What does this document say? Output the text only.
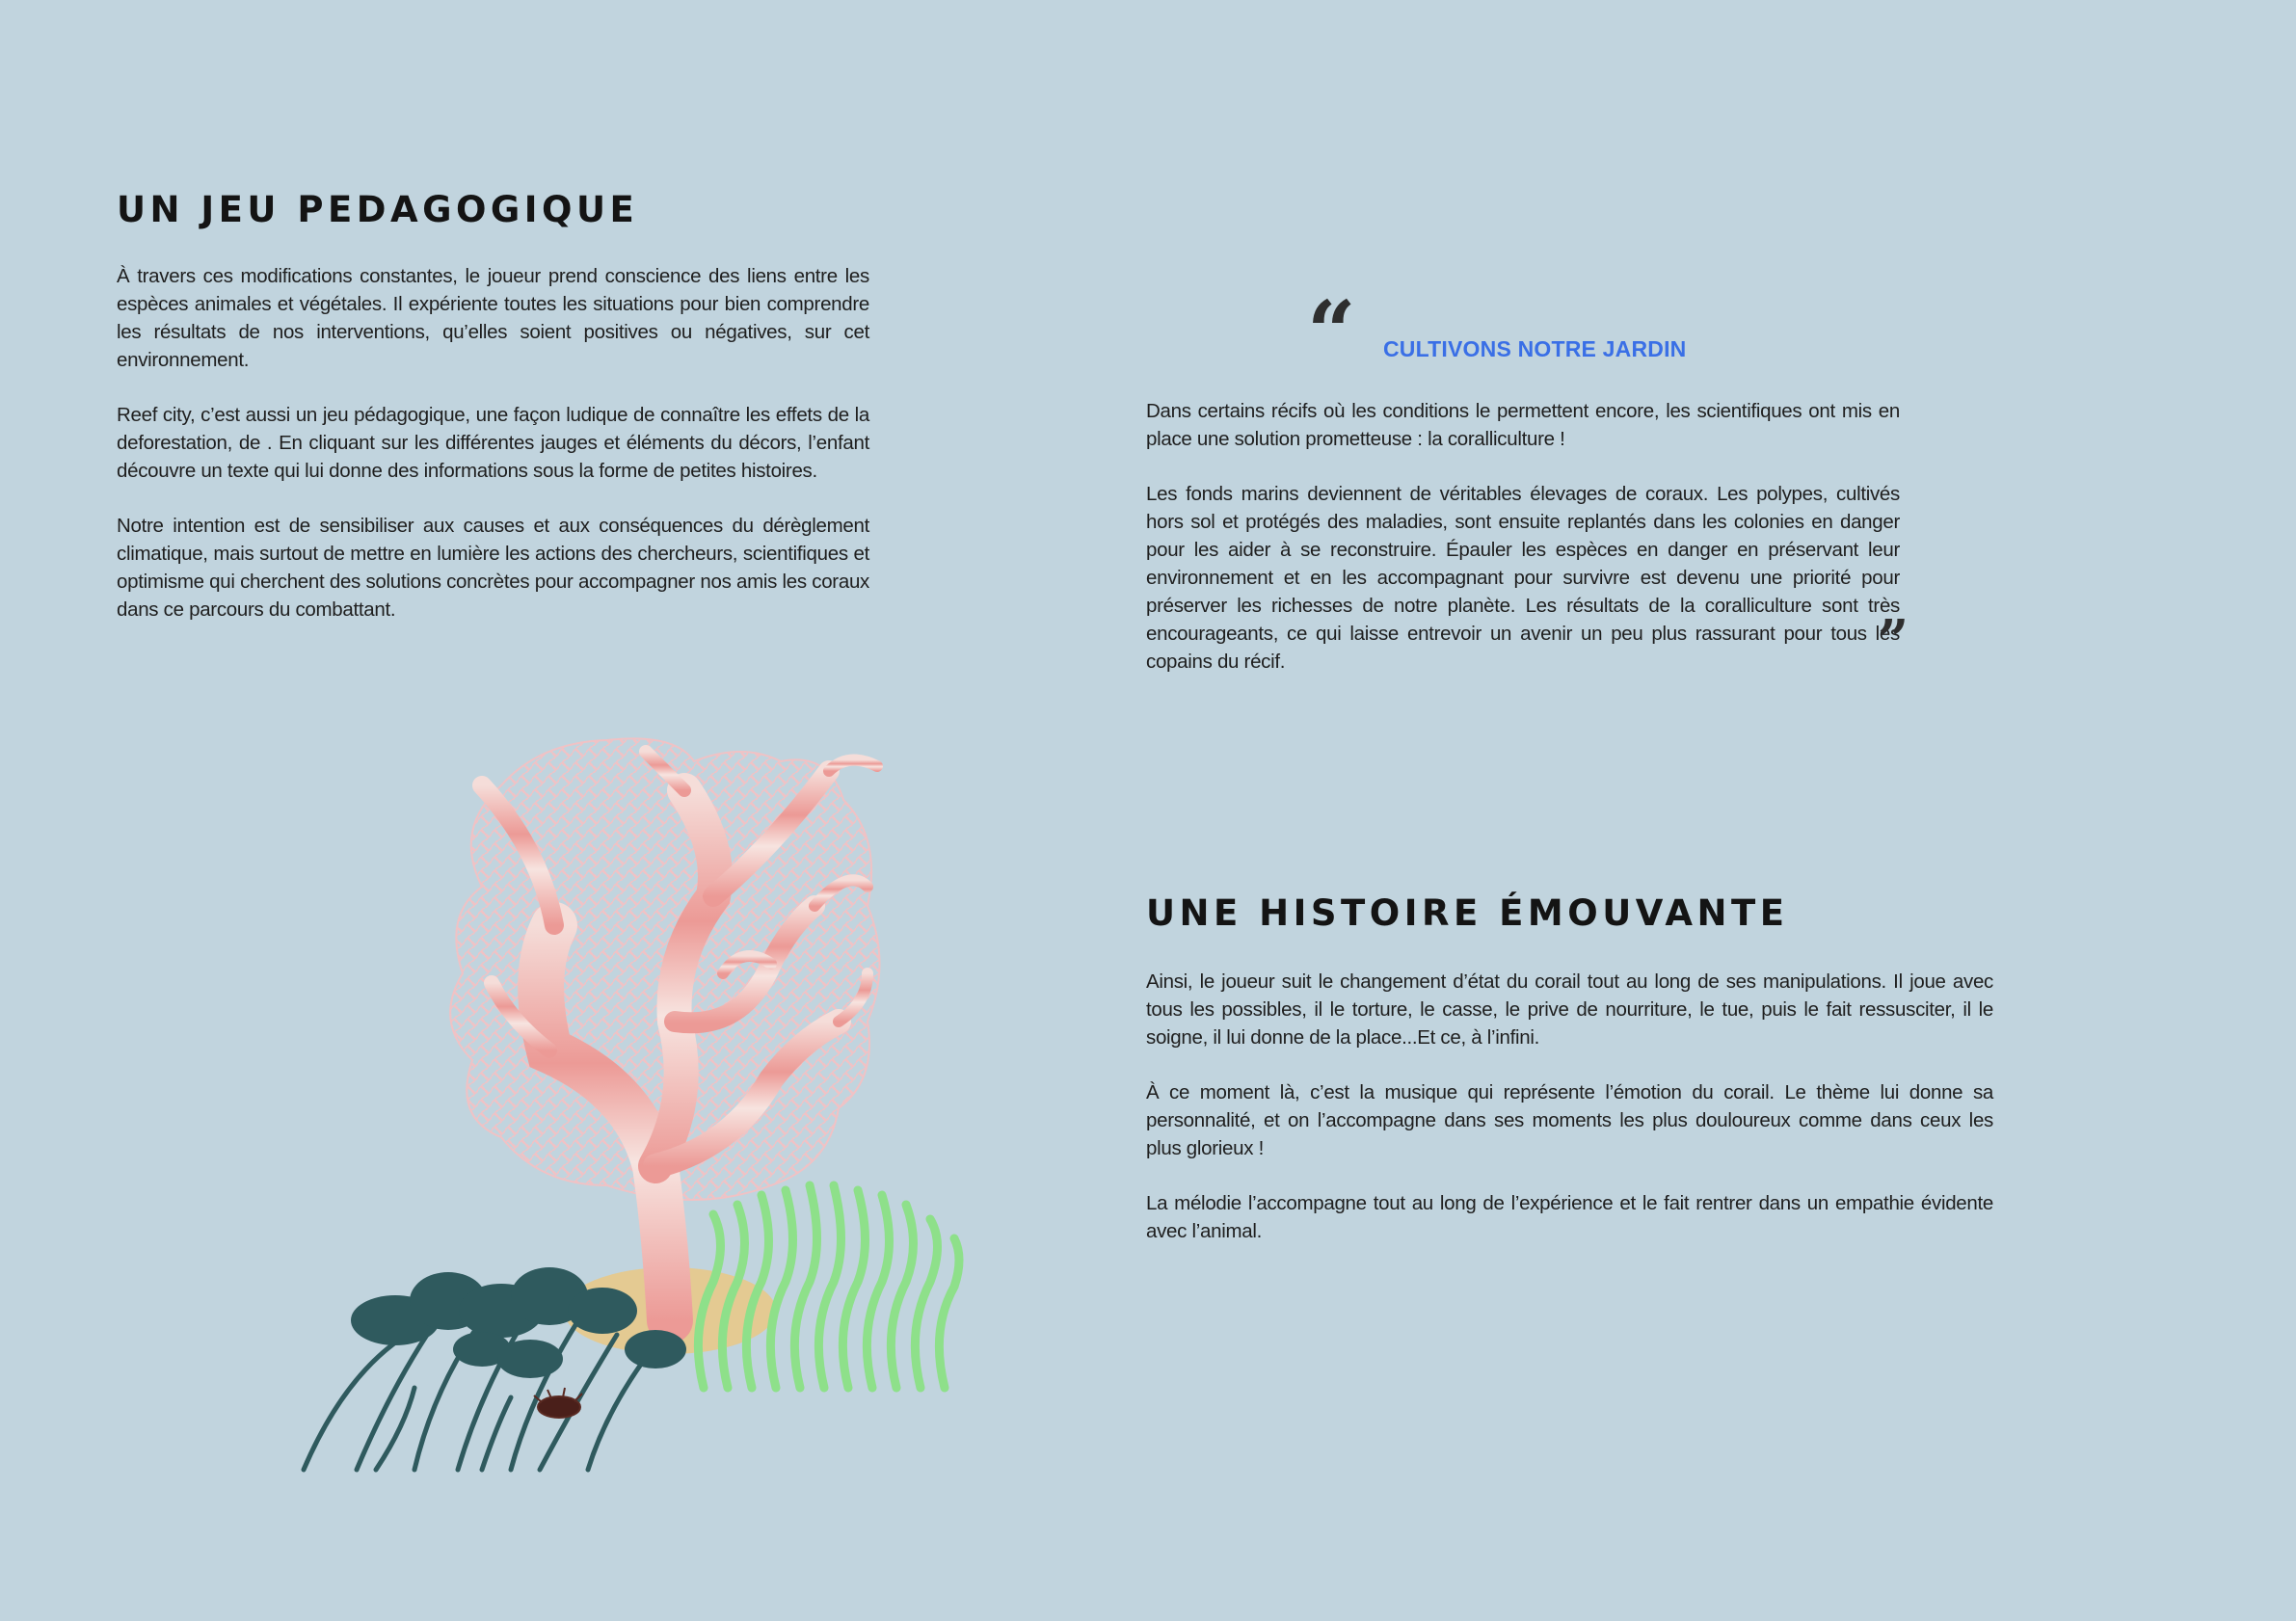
UN JEU PEDAGOGIQUE

À travers ces modifications constantes, le joueur prend conscience des liens entre les espèces animales et végétales. Il expériente toutes les situations pour bien comprendre les résultats de nos interventions, qu’elles soient positives ou négatives, sur cet environnement.

Reef city, c’est aussi un jeu pédagogique, une façon ludique de connaître les effets de la deforestation, de . En cliquant sur les différentes jauges et éléments du décors, l’enfant découvre un texte qui lui donne des informations sous la forme de petites histoires.

Notre intention est de sensibiliser aux causes et aux conséquences du dérèglement climatique, mais surtout de mettre en lumière les actions des chercheurs, scientifiques et optimisme qui cherchent des solutions concrètes pour accompagner nos amis les coraux dans ce parcours du combattant.

“ CULTIVONS NOTRE JARDIN

Dans certains récifs où les conditions le permettent encore, les scientifiques ont mis en place une solution prometteuse : la coralliculture !

Les fonds marins deviennent de véritables élevages de coraux. Les polypes, cultivés hors sol et protégés des maladies, sont ensuite replantés dans les colonies en danger pour les aider à se reconstruire. Épauler les espèces en danger en préservant leur environnement et en les accompagnant pour survivre est devenu une priorité pour préserver les richesses de notre planète. Les résultats de la coralliculture sont très encourageants, ce qui laisse entrevoir un avenir un peu plus rassurant pour tous les copains du récif.	”
UNE HISTOIRE ÉMOUVANTE

Ainsi, le joueur suit le changement d’état du corail tout au long de ses manipulations. Il joue avec tous les possibles, il le torture, le casse, le prive de nourriture, le tue, puis le fait ressusciter, il le soigne, il lui donne de la place...Et ce, à l’infini.

À ce moment là, c’est la musique qui représente l’émotion du corail. Le thème lui donne sa personnalité, et on l’accompagne dans ses moments les plus douloureux comme dans ceux les plus glorieux !

La mélodie l’accompagne tout au long de l’expérience et le fait rentrer dans un empathie évidente avec l’animal.
